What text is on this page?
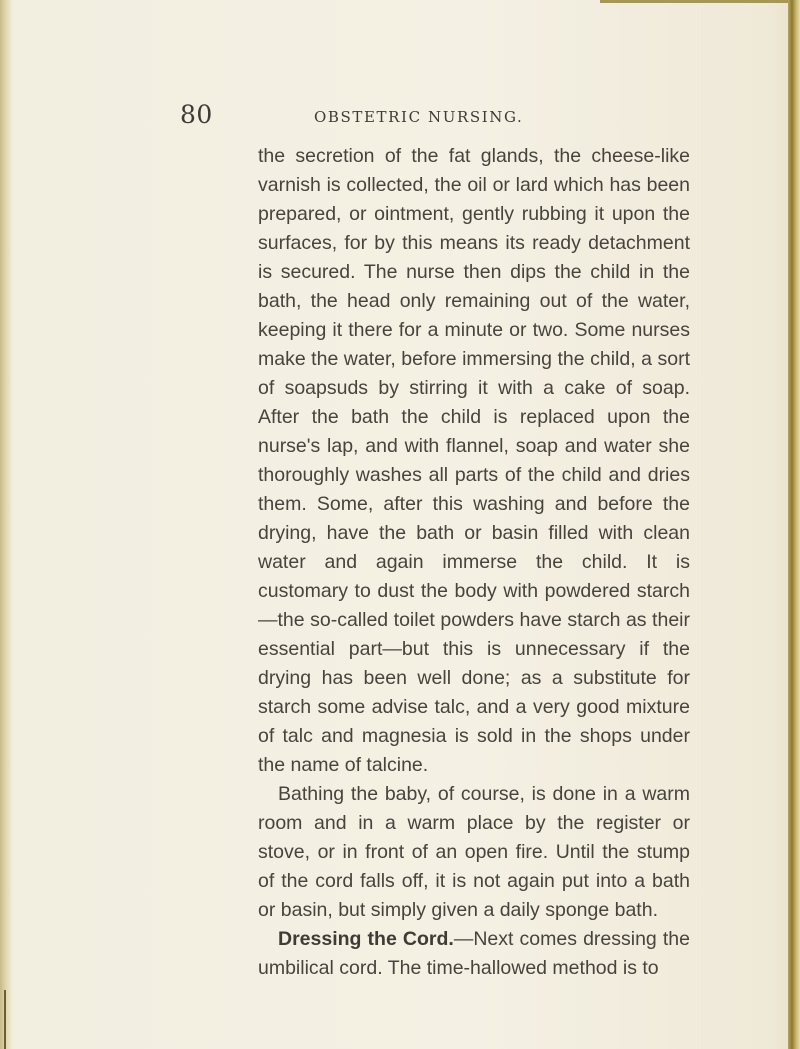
80	OBSTETRIC NURSING.

the secretion of the fat glands, the cheese-like varnish is collected, the oil or lard which has been prepared, or ointment, gently rubbing it upon the surfaces, for by this means its ready detachment is secured. The nurse then dips the child in the bath, the head only remaining out of the water, keeping it there for a minute or two. Some nurses make the water, before immersing the child, a sort of soapsuds by stirring it with a cake of soap. After the bath the child is replaced upon the nurse's lap, and with flannel, soap and water she thoroughly washes all parts of the child and dries them. Some, after this washing and before the drying, have the bath or basin filled with clean water and again immerse the child. It is customary to dust the body with powdered starch—the so-called toilet powders have starch as their essential part—but this is unnecessary if the drying has been well done; as a substitute for starch some advise talc, and a very good mixture of talc and magnesia is sold in the shops under the name of talcine.

Bathing the baby, of course, is done in a warm room and in a warm place by the register or stove, or in front of an open fire. Until the stump of the cord falls off, it is not again put into a bath or basin, but simply given a daily sponge bath.

Dressing the Cord.—Next comes dressing the umbilical cord. The time-hallowed method is to
